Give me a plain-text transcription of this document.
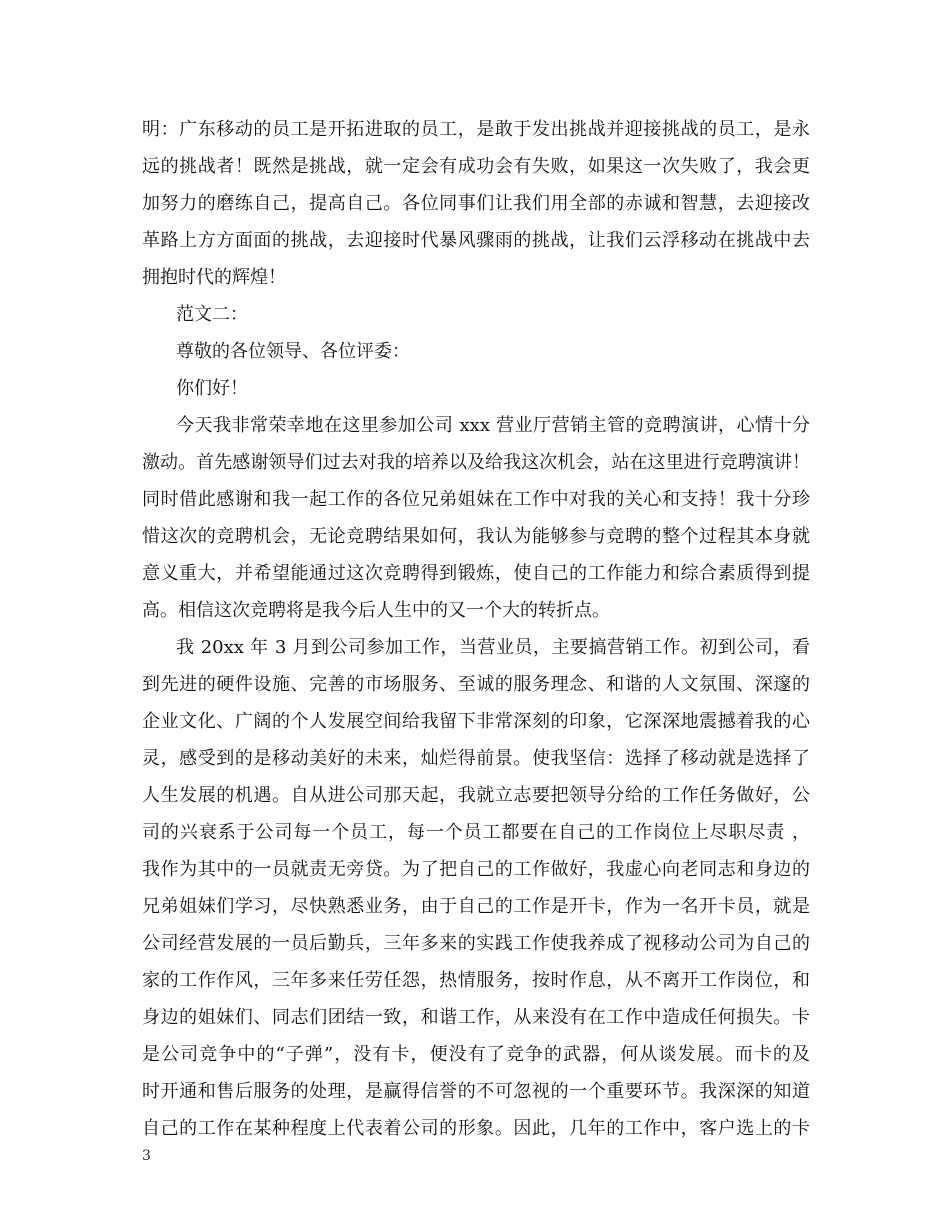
明：广东移动的员工是开拓进取的员工，是敢于发出挑战并迎接挑战的员工，是永
远的挑战者！既然是挑战，就一定会有成功会有失败，如果这一次失败了，我会更
加努力的磨练自己，提高自己。各位同事们让我们用全部的赤诚和智慧，去迎接改
革路上方方面面的挑战，去迎接时代暴风骤雨的挑战，让我们云浮移动在挑战中去
拥抱时代的辉煌！
范文二：
尊敬的各位领导、各位评委：
你们好！
今天我非常荣幸地在这里参加公司 xxx 营业厅营销主管的竞聘演讲，心情十分
激动。首先感谢领导们过去对我的培养以及给我这次机会，站在这里进行竞聘演讲！
同时借此感谢和我一起工作的各位兄弟姐妹在工作中对我的关心和支持！我十分珍
惜这次的竞聘机会，无论竞聘结果如何，我认为能够参与竞聘的整个过程其本身就
意义重大，并希望能通过这次竞聘得到锻炼，使自己的工作能力和综合素质得到提
高。相信这次竞聘将是我今后人生中的又一个大的转折点。
我 20xx 年 3 月到公司参加工作，当营业员，主要搞营销工作。初到公司，看
到先进的硬件设施、完善的市场服务、至诚的服务理念、和谐的人文氛围、深邃的
企业文化、广阔的个人发展空间给我留下非常深刻的印象，它深深地震撼着我的心
灵，感受到的是移动美好的未来，灿烂得前景。使我坚信：选择了移动就是选择了
人生发展的机遇。自从进公司那天起，我就立志要把领导分给的工作任务做好，公
司的兴衰系于公司每一个员工，每一个员工都要在自己的工作岗位上尽职尽责 ，
我作为其中的一员就责无旁贷。为了把自己的工作做好，我虚心向老同志和身边的
兄弟姐妹们学习，尽快熟悉业务，由于自己的工作是开卡，作为一名开卡员，就是
公司经营发展的一员后勤兵，三年多来的实践工作使我养成了视移动公司为自己的
家的工作作风，三年多来任劳任怨，热情服务，按时作息，从不离开工作岗位，和
身边的姐妹们、同志们团结一致，和谐工作，从来没有在工作中造成任何损失。卡
是公司竞争中的“子弹”，没有卡，便没有了竞争的武器，何从谈发展。而卡的及
时开通和售后服务的处理，是赢得信誉的不可忽视的一个重要环节。我深深的知道
自己的工作在某种程度上代表着公司的形象。因此，几年的工作中，客户选上的卡
3
